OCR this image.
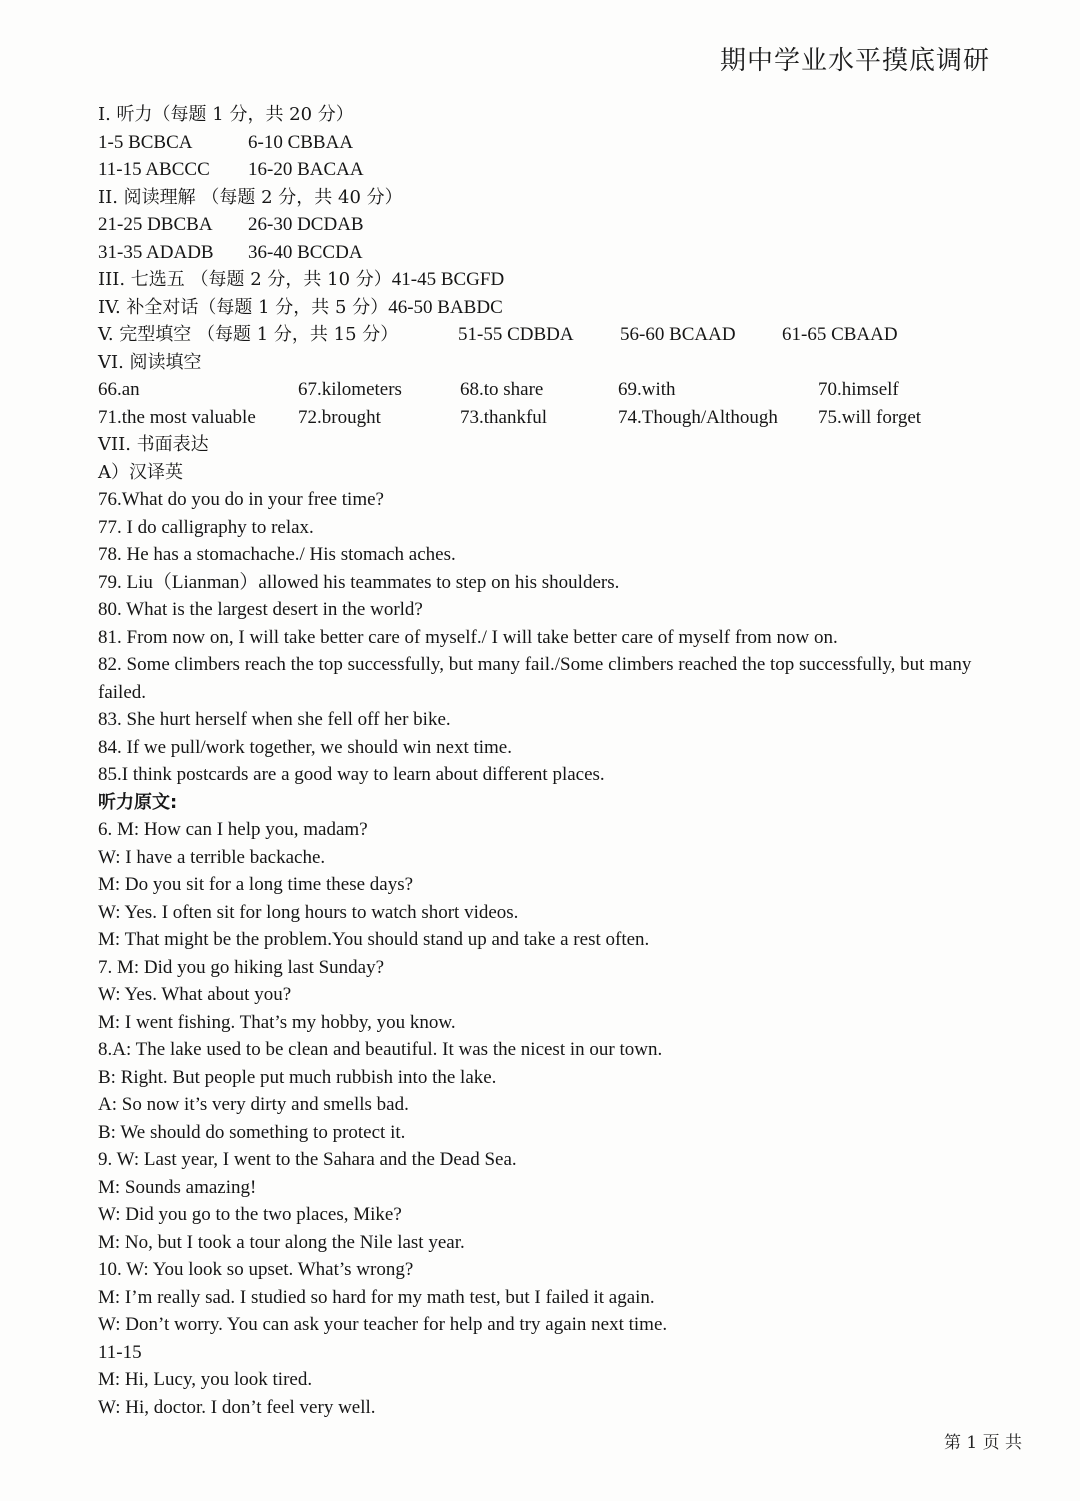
期中学业水平摸底调研
I. 听力（每题 1 分，共 20 分）
1-5 BCBCA	6-10 CBBAA
11-15 ABCCC	16-20 BACAA
II. 阅读理解 （每题 2 分，共 40 分）
21-25 DBCBA	26-30 DCDAB
31-35 ADADB	36-40 BCCDA
III. 七选五 （每题 2 分，共 10 分） 41-45 BCGFD
IV. 补全对话（每题 1 分，共 5 分） 46-50 BABDC
V. 完型填空 （每题 1 分，共 15 分）	51-55 CDBDA	56-60 BCAAD	61-65 CBAAD
VI. 阅读填空
66.an	67.kilometers	68.to share	69.with	70.himself
71.the most valuable	72.brought	73.thankful	74.Though/Although	75.will forget
VII. 书面表达
A）汉译英
76.What do you do in your free time?
77. I do calligraphy to relax.
78. He has a stomachache./ His stomach aches.
79. Liu（Lianman）allowed his teammates to step on his shoulders.
80. What is the largest desert in the world?
81. From now on, I will take better care of myself./ I will take better care of myself from now on.
82. Some climbers reach the top successfully, but many fail./Some climbers reached the top successfully, but many failed.
83. She hurt herself when she fell off her bike.
84. If we pull/work together, we should win next time.
85.I think postcards are a good way to learn about different places.
听力原文:
6. M: How can I help you, madam?
W: I have a terrible backache.
M: Do you sit for a long time these days?
W: Yes. I often sit for long hours to watch short videos.
M: That might be the problem.You should stand up and take a rest often.
7. M: Did you go hiking last Sunday?
W: Yes. What about you?
M: I went fishing. That’s my hobby, you know.
8.A: The lake used to be clean and beautiful. It was the nicest in our town.
B: Right. But people put much rubbish into the lake.
A: So now it’s very dirty and smells bad.
B: We should do something to protect it.
9. W: Last year, I went to the Sahara and the Dead Sea.
M: Sounds amazing!
W: Did you go to the two places, Mike?
M: No, but I took a tour along the Nile last year.
10. W: You look so upset. What’s wrong?
M: I’m really sad. I studied so hard for my math test, but I failed it again.
W: Don’t worry. You can ask your teacher for help and try again next time.
11-15
M: Hi, Lucy, you look tired.
W: Hi, doctor. I don’t feel very well.
第 1 页 共
